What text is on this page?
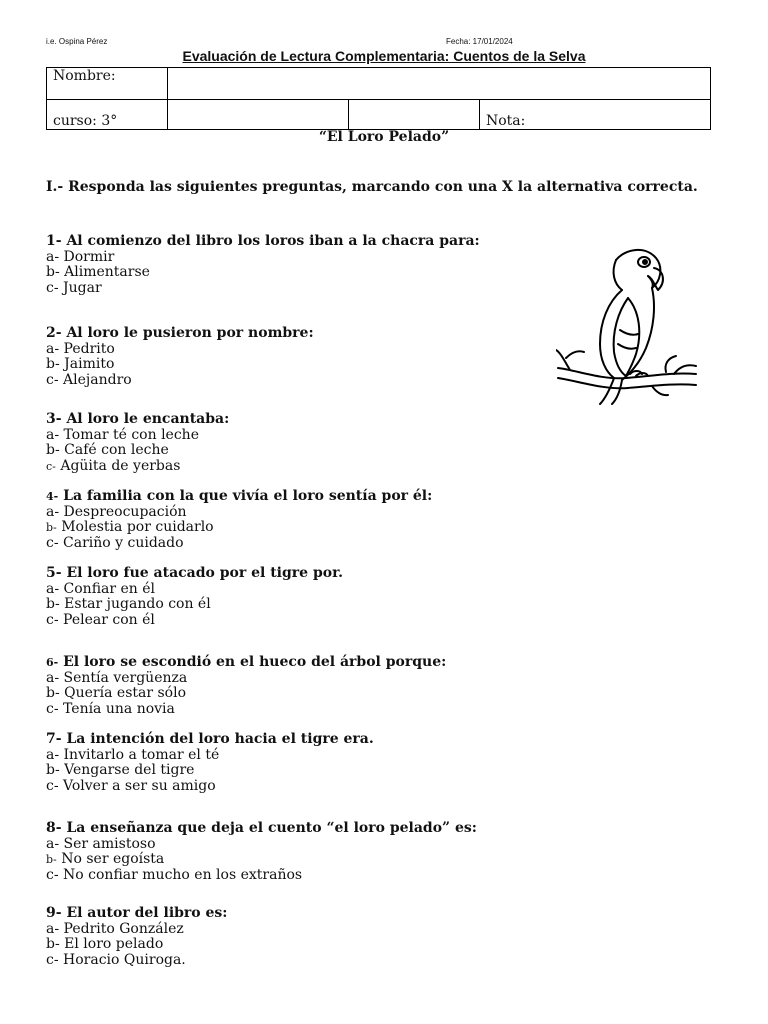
i.e. Ospina Pérez	Fecha: 17/01/2024
Evaluación de Lectura Complementaria: Cuentos de la Selva
Nombre:			
curso: 3°			Nota:
“El Loro Pelado”
I.- Responda las siguientes preguntas, marcando con una X la alternativa correcta.
1- Al comienzo del libro los loros iban a la chacra para:
a- Dormir
b- Alimentarse
c- Jugar
2- Al loro le pusieron por nombre:
a- Pedrito
b- Jaimito
c- Alejandro
3- Al loro le encantaba:
a- Tomar té con leche
b- Café con leche
c- Agüita de yerbas
4- La familia con la que vivía el loro sentía por él:
a- Despreocupación
b- Molestia por cuidarlo
c- Cariño y cuidado
5- El loro fue atacado por el tigre por.
a- Confiar en él
b- Estar jugando con él
c- Pelear con él
6- El loro se escondió en el hueco del árbol porque:
a- Sentía vergüenza
b- Quería estar sólo
c- Tenía una novia
7- La intención del loro hacia el tigre era.
a- Invitarlo a tomar el té
b- Vengarse del tigre
c- Volver a ser su amigo
8- La enseñanza que deja el cuento “el loro pelado” es:
a- Ser amistoso
b- No ser egoísta
c- No confiar mucho en los extraños
9- El autor del libro es:
a- Pedrito González
b- El loro pelado
c- Horacio Quiroga.
